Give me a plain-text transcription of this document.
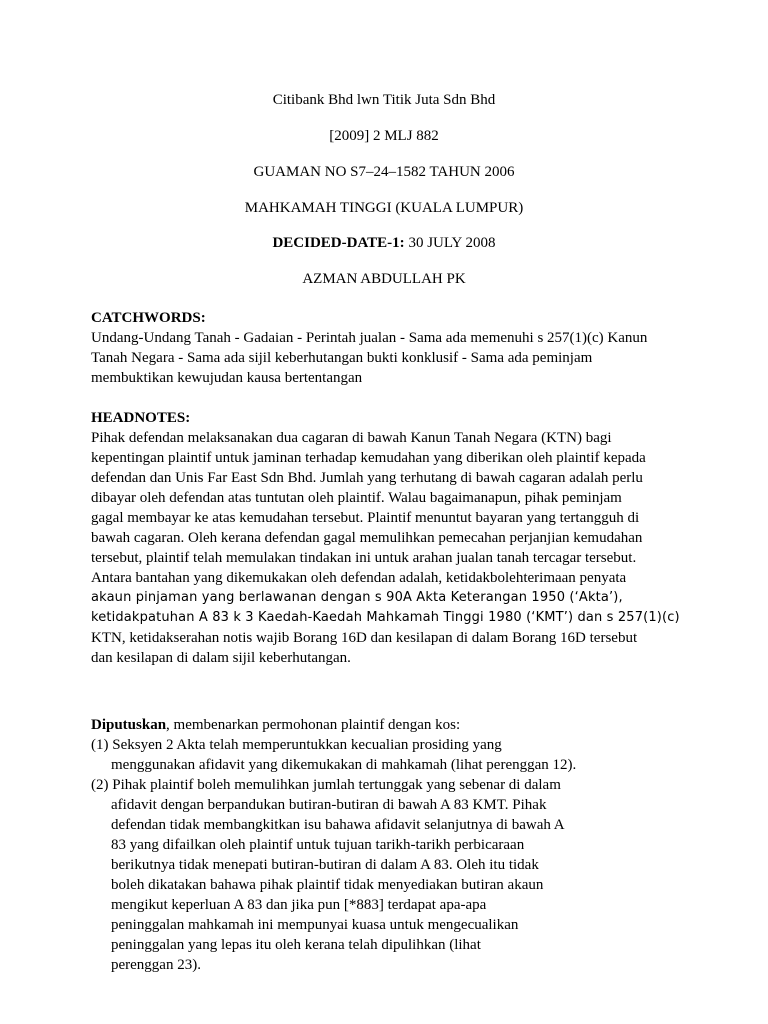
Citibank Bhd lwn Titik Juta Sdn Bhd
[2009] 2 MLJ 882
GUAMAN NO S7–24–1582 TAHUN 2006
MAHKAMAH TINGGI (KUALA LUMPUR)
DECIDED-DATE-1: 30 JULY 2008
AZMAN ABDULLAH PK
CATCHWORDS:
Undang-Undang Tanah - Gadaian - Perintah jualan - Sama ada memenuhi s 257(1)(c) Kanun
Tanah Negara - Sama ada sijil keberhutangan bukti konklusif - Sama ada peminjam
membuktikan kewujudan kausa bertentangan
HEADNOTES:
Pihak defendan melaksanakan dua cagaran di bawah Kanun Tanah Negara (KTN) bagi
kepentingan plaintif untuk jaminan terhadap kemudahan yang diberikan oleh plaintif kepada
defendan dan Unis Far East Sdn Bhd. Jumlah yang terhutang di bawah cagaran adalah perlu
dibayar oleh defendan atas tuntutan oleh plaintif. Walau bagaimanapun, pihak peminjam
gagal membayar ke atas kemudahan tersebut. Plaintif menuntut bayaran yang tertangguh di
bawah cagaran. Oleh kerana defendan gagal memulihkan pemecahan perjanjian kemudahan
tersebut, plaintif telah memulakan tindakan ini untuk arahan jualan tanah tercagar tersebut.
Antara bantahan yang dikemukakan oleh defendan adalah, ketidakbolehterimaan penyata
akaun pinjaman yang berlawanan dengan s 90A Akta Keterangan 1950 (‘Akta’),
ketidakpatuhan A 83 k 3 Kaedah-Kaedah Mahkamah Tinggi 1980 (‘KMT’) dan s 257(1)(c)
KTN, ketidakserahan notis wajib Borang 16D dan kesilapan di dalam Borang 16D tersebut
dan kesilapan di dalam sijil keberhutangan.
Diputuskan, membenarkan permohonan plaintif dengan kos:
(1) Seksyen 2 Akta telah memperuntukkan kecualian prosiding yang
menggunakan afidavit yang dikemukakan di mahkamah (lihat perenggan 12).
(2) Pihak plaintif boleh memulihkan jumlah tertunggak yang sebenar di dalam
afidavit dengan berpandukan butiran-butiran di bawah A 83 KMT. Pihak
defendan tidak membangkitkan isu bahawa afidavit selanjutnya di bawah A
83 yang difailkan oleh plaintif untuk tujuan tarikh-tarikh perbicaraan
berikutnya tidak menepati butiran-butiran di dalam A 83. Oleh itu tidak
boleh dikatakan bahawa pihak plaintif tidak menyediakan butiran akaun
mengikut keperluan A 83 dan jika pun [*883] terdapat apa-apa
peninggalan mahkamah ini mempunyai kuasa untuk mengecualikan
peninggalan yang lepas itu oleh kerana telah dipulihkan (lihat
perenggan 23).
